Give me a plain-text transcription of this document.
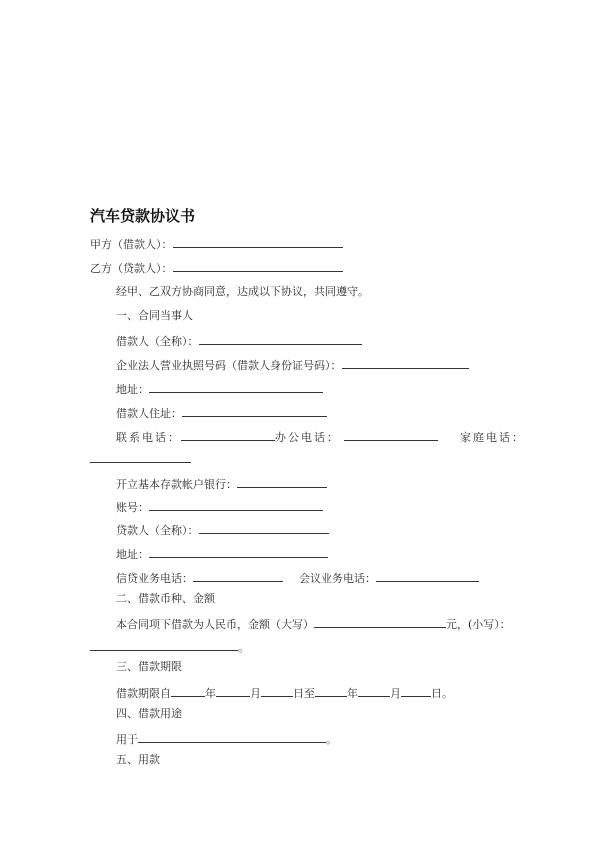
汽车贷款协议书
甲方（借款人）：
乙方（贷款人）：
经甲、乙双方协商同意，达成以下协议，共同遵守。
一、合同当事人
借款人（全称）：
企业法人营业执照号码（借款人身份证号码）：
地址：
借款人住址：
联系电话：	办公电话：	家庭电话：
开立基本存款帐户银行：
账号：
贷款人（全称）：
地址：
信贷业务电话：	会议业务电话：
二、借款币种、金额
本合同项下借款为人民币，金额（大写）	元，(小写）：
。
三、借款期限
借款期限自	年	月	日至	年	月	日。
四、借款用途
用于	。
五、用款
